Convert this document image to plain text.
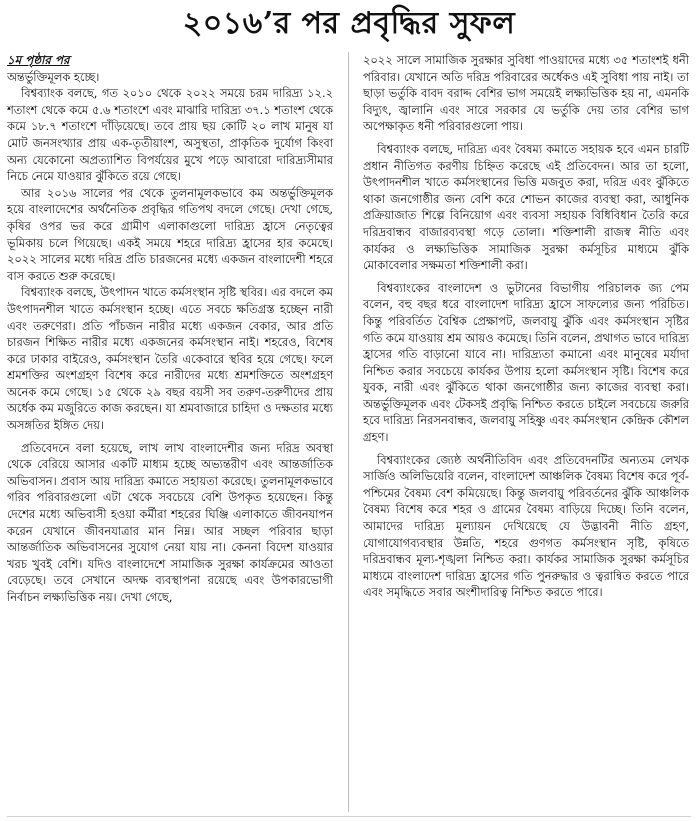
২০১৬’র পর প্রবৃদ্ধির সুফল
১ম পৃষ্ঠার পর

অন্তর্ভুক্তিমূলক হচ্ছে।

বিশ্বব্যাংক বলছে, গত ২০১০ থেকে ২০২২ সময়ে চরম দারিদ্র্য ১২.২ শতাংশ থেকে কমে ৫.৬ শতাংশে এবং মাঝারি দারিদ্র্য ৩৭.১ শতাংশ থেকে কমে ১৮.৭ শতাংশে দাঁড়িয়েছে। তবে প্রায় ছয় কোটি ২০ লাখ মানুষ যা মোট জনসংখ্যার প্রায় এক-তৃতীয়াংশ, অসুস্থতা, প্রাকৃতিক দুর্যোগ কিংবা অন্য যেকোনো অপ্রত্যাশিত বিপর্যয়ের মুখে পড়ে আবারো দারিদ্র্যসীমার নিচে নেমে যাওয়ার ঝুঁকিতে রয়ে গেছে।

আর ২০১৬ সালের পর থেকে তুলনামূলকভাবে কম অন্তর্ভুক্তিমূলক হয়ে বাংলাদেশের অর্থনৈতিক প্রবৃদ্ধির গতিপথ বদলে গেছে। দেখা গেছে, কৃষির ওপর ভর করে গ্রামীণ এলাকাগুলো দারিদ্র্য হ্রাসে নেতৃত্বের ভূমিকায় চলে গিয়েছে। একই সময়ে শহরে দারিদ্র্য হ্রাসের হার কমেছে। ২০২২ সালের মধ্যে দরিদ্র প্রতি চারজনের মধ্যে একজন বাংলাদেশী শহরে বাস করতে শুরু করেছে।

বিশ্বব্যাংক বলছে, উৎপাদন খাতে কর্মসংস্থান সৃষ্টি স্থবির। এর বদলে কম উৎপাদনশীল খাতে কর্মসংস্থান হচ্ছে। এতে সবচে ক্ষতিগ্রস্ত হচ্ছেন নারী এবং তরুণেরা। প্রতি পাঁচজন নারীর মধ্যে একজন বেকার, আর প্রতি চারজন শিক্ষিত নারীর মধ্যে একজনের কর্মসংস্থান নাই। শহরেও, বিশেষ করে ঢাকার বাইরেও, কর্মসংস্থান তৈরি একেবারে স্থবির হয়ে গেছে। ফলে শ্রমশক্তির অংশগ্রহণ বিশেষ করে নারীদের মধ্যে শ্রমশক্তিতে অংশগ্রহণ অনেক কমে গেছে। ১৫ থেকে ২৯ বছর বয়সী সব তরুণ-তরুণীদের প্রায় অর্ধেক কম মজুরিতে কাজ করছেন। যা শ্রমবাজারে চাহিদা ও দক্ষতার মধ্যে অসঙ্গতির ইঙ্গিত দেয়।

প্রতিবেদনে বলা হয়েছে, লাখ লাখ বাংলাদেশীর জন্য দরিদ্র অবস্থা থেকে বেরিয়ে আসার একটি মাধ্যম হচ্ছে অভ্যন্তরীণ এবং আন্তর্জাতিক অভিবাসন। প্রবাস আয় দারিদ্র্য কমাতে সহায়তা করেছে। তুলনামূলকভাবে গরিব পরিবারগুলো এটা থেকে সবচেয়ে বেশি উপকৃত হয়েছেন। কিন্তু দেশের মধ্যে অভিবাসী হওয়া কর্মীরা শহরের ঘিঞ্জি এলাকাতে জীবনযাপন করেন যেখানে জীবনযাত্রার মান নিম্ন। আর সচ্ছল পরিবার ছাড়া আন্তর্জাতিক অভিবাসনের সুযোগ নেয়া যায় না। কেননা বিদেশ যাওয়ার খরচ খুবই বেশি। যদিও বাংলাদেশে সামাজিক সুরক্ষা কার্যক্রমের আওতা বেড়েছে। তবে সেখানে অদক্ষ ব্যবস্থাপনা রয়েছে এবং উপকারভোগী নির্বাচন লক্ষ্যভিত্তিক নয়। দেখা গেছে,

২০২২ সালে সামাজিক সুরক্ষার সুবিধা পাওয়াদের মধ্যে ৩৫ শতাংশই ধনী পরিবার। যেখানে অতি দরিদ্র পরিবারের অর্ধেকও এই সুবিধা পায় নাই। তা ছাড়া ভর্তুকি বাবদ বরাদ্দ বেশির ভাগ সময়েই লক্ষ্যভিত্তিক হয় না, এমনকি বিদ্যুৎ, জ্বালানি এবং সারে সরকার যে ভর্তুকি দেয় তার বেশির ভাগ অপেক্ষাকৃত ধনী পরিবারগুলো পায়।

বিশ্বব্যাংক বলছে, দারিদ্র্য এবং বৈষম্য কমাতে সহায়ক হবে এমন চারটি প্রধান নীতিগত করণীয় চিহ্নিত করেছে এই প্রতিবেদন। আর তা হলো, উৎপাদনশীল খাতে কর্মসংস্থানের ভিত্তি মজবুত করা, দরিদ্র এবং ঝুঁকিতে থাকা জনগোষ্ঠীর জন্য বেশি করে শোভন কাজের ব্যবস্থা করা, আধুনিক প্রক্রিয়াজাত শিল্পে বিনিয়োগ এবং ব্যবসা সহায়ক বিধিবিধান তৈরি করে দরিদ্রবান্ধব বাজারব্যবস্থা গড়ে তোলা। শক্তিশালী রাজস্ব নীতি এবং কার্যকর ও লক্ষ্যভিত্তিক সামাজিক সুরক্ষা কর্মসূচির মাধ্যমে ঝুঁকি মোকাবেলার সক্ষমতা শক্তিশালী করা।

বিশ্বব্যাংকের বাংলাদেশ ও ভুটানের বিভাগীয় পরিচালক জ্য পেম বলেন, বহু বছর ধরে বাংলাদেশ দারিদ্র্য হ্রাসে সাফল্যের জন্য পরিচিত। কিন্তু পরিবর্তিত বৈশ্বিক প্রেক্ষাপট, জলবায়ু ঝুঁকি এবং কর্মসংস্থান সৃষ্টির গতি কমে যাওয়ায় শ্রম আয়ও কমেছে। তিনি বলেন, প্রথাগত ভাবে দারিদ্র্য হ্রাসের গতি বাড়ানো যাবে না। দারিদ্র্যতা কমানো এবং মানুষের মর্যাদা নিশ্চিত করার সবচেয়ে কার্যকর উপায় হলো কর্মসংস্থান সৃষ্টি। বিশেষ করে যুবক, নারী এবং ঝুঁকিতে থাকা জনগোষ্ঠীর জন্য কাজের ব্যবস্থা করা। অন্তর্ভুক্তিমূলক এবং টেকসই প্রবৃদ্ধি নিশ্চিত করতে চাইলে সবচেয়ে জরুরি হবে দারিদ্র্য নিরসনবান্ধব, জলবায়ু সহিষ্ণু এবং কর্মসংস্থান কেন্দ্রিক কৌশল গ্রহণ।

বিশ্বব্যাংকের জ্যেষ্ঠ অর্থনীতিবিদ এবং প্রতিবেদনটির অন্যতম লেখক সার্জিও অলিভিয়েরি বলেন, বাংলাদেশ আঞ্চলিক বৈষম্য বিশেষ করে পূর্ব-পশ্চিমের বৈষম্য বেশ কমিয়েছে। কিন্তু জলবায়ু পরিবর্তনের ঝুঁকি আঞ্চলিক বৈষম্য বিশেষ করে শহর ও গ্রামের বৈষম্য বাড়িয়ে দিচ্ছে। তিনি বলেন, আমাদের দারিদ্র্য মূল্যায়ন দেখিয়েছে যে উদ্ভাবনী নীতি গ্রহণ, যোগাযোগব্যবস্থার উন্নতি, শহরে গুণগত কর্মসংস্থান সৃষ্টি, কৃষিতে দরিদ্রবান্ধব মূল্য-শৃঙ্খলা নিশ্চিত করা। কার্যকর সামাজিক সুরক্ষা কর্মসূচির মাধ্যমে বাংলাদেশ দারিদ্র্য হ্রাসের গতি পুনরুদ্ধার ও ত্বরান্বিত করতে পারে এবং সমৃদ্ধিতে সবার অংশীদারিত্ব নিশ্চিত করতে পারে।
